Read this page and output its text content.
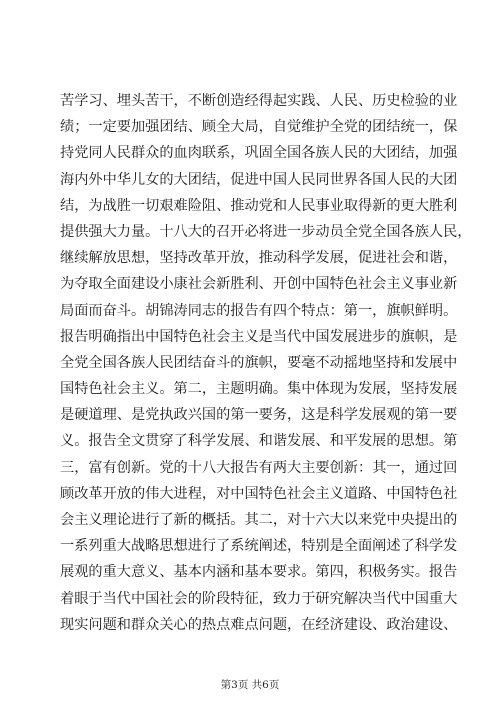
苦学习、埋头苦干，不断创造经得起实践、人民、历史检验的业
绩；一定要加强团结、顾全大局，自觉维护全党的团结统一，保
持党同人民群众的血肉联系，巩固全国各族人民的大团结，加强
海内外中华儿女的大团结，促进中国人民同世界各国人民的大团
结，为战胜一切艰难险阻、推动党和人民事业取得新的更大胜利
提供强大力量。十八大的召开必将进一步动员全党全国各族人民，
继续解放思想，坚持改革开放，推动科学发展，促进社会和谐，
为夺取全面建设小康社会新胜利、开创中国特色社会主义事业新
局面而奋斗。胡锦涛同志的报告有四个特点：第一，旗帜鲜明。
报告明确指出中国特色社会主义是当代中国发展进步的旗帜，是
全党全国各族人民团结奋斗的旗帜，要毫不动摇地坚持和发展中
国特色社会主义。第二，主题明确。集中体现为发展，坚持发展
是硬道理、是党执政兴国的第一要务，这是科学发展观的第一要
义。报告全文贯穿了科学发展、和谐发展、和平发展的思想。第
三，富有创新。党的十八大报告有两大主要创新：其一，通过回
顾改革开放的伟大进程，对中国特色社会主义道路、中国特色社
会主义理论进行了新的概括。其二，对十六大以来党中央提出的
一系列重大战略思想进行了系统阐述，特别是全面阐述了科学发
展观的重大意义、基本内涵和基本要求。第四，积极务实。报告
着眼于当代中国社会的阶段特征，致力于研究解决当代中国重大
现实问题和群众关心的热点难点问题，在经济建设、政治建设、
第3页 共6页
